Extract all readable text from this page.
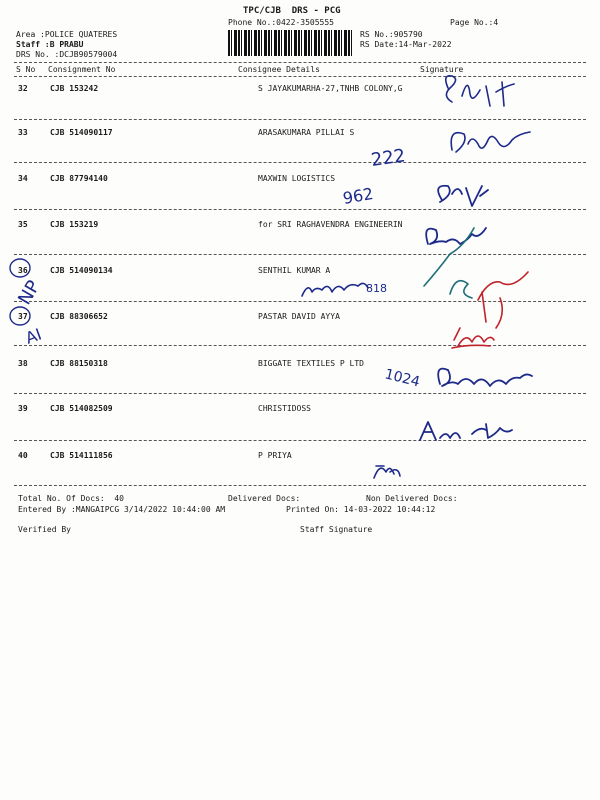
TPC/CJB  DRS - PCG
Phone No.:0422-3505555	Page No.:4
Area :POLICE QUATERES
Staff :B PRABU
DRS No. :DCJB90579004
RS No.:905790
RS Date:14-Mar-2022
S No Consignment No	Consignee Details	Signature
32	CJB 153242	S JAYAKUMARHA-27,TNHB COLONY,G
33	CJB 514090117	ARASAKUMARA PILLAI S
34	CJB 87794140	MAXWIN LOGISTICS
35	CJB 153219	for SRI RAGHAVENDRA ENGINEERIN
36	CJB 514090134	SENTHIL KUMAR A
37	CJB 88306652	PASTAR DAVID AYYA
38	CJB 88150318	BIGGATE TEXTILES P LTD
39	CJB 514082509	CHRISTIDOSS
40	CJB 514111856	P PRIYA
Total No. Of Docs:  40	Delivered Docs:	Non Delivered Docs:
Entered By :MANGAIPCG 3/14/2022 10:44:00 AM	Printed On: 14-03-2022 10:44:12
Verified By	Staff Signature
222
962
NP	818
AI
1024
